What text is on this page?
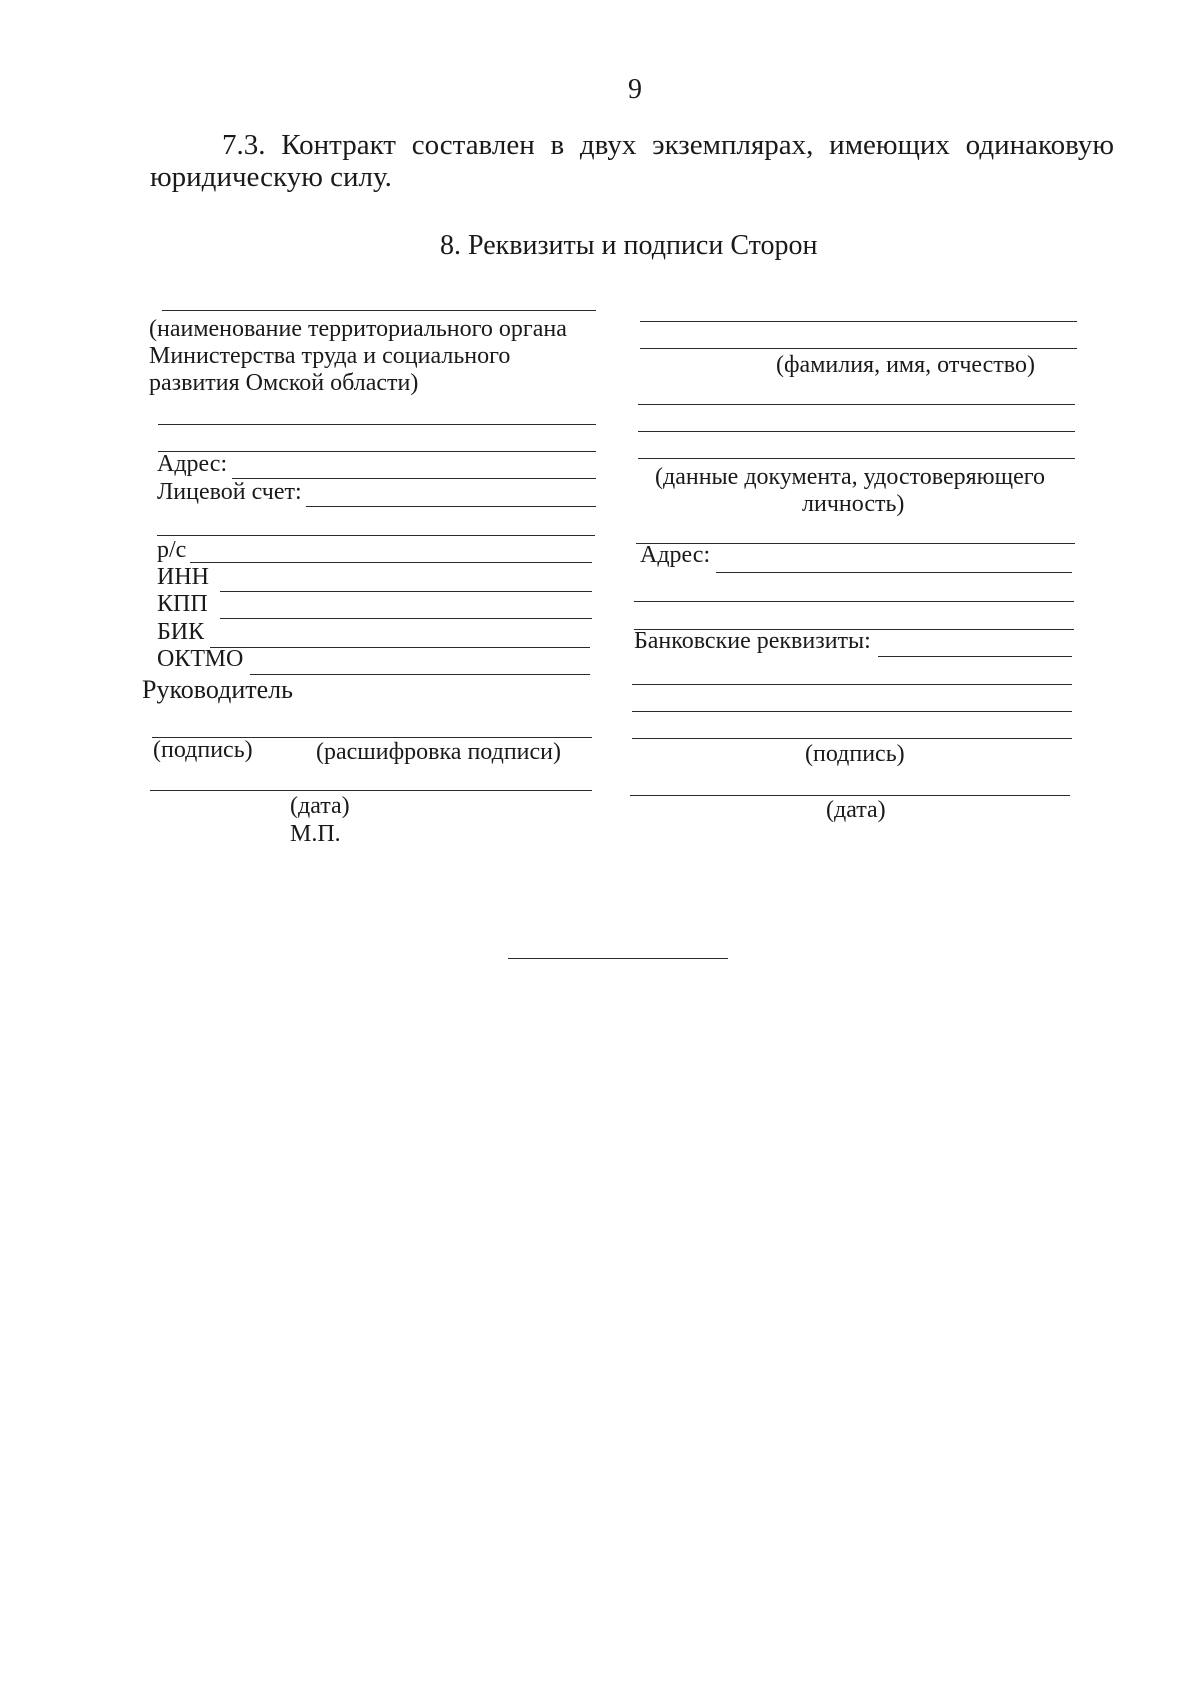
9
7.3. Контракт составлен в двух экземплярах, имеющих одинаковую
юридическую силу.
8. Реквизиты и подписи Сторон
(наименование территориального органа
Министерства труда и социального
развития Омской области)
Адрес:
Лицевой счет:
р/с
ИНН
КПП
БИК
ОКТМО
Руководитель
(подпись)	(расшифровка подписи)
(дата)
М.П.
(фамилия, имя, отчество)
(данные документа, удостоверяющего
личность)
Адрес:
Банковские реквизиты:
(подпись)
(дата)
